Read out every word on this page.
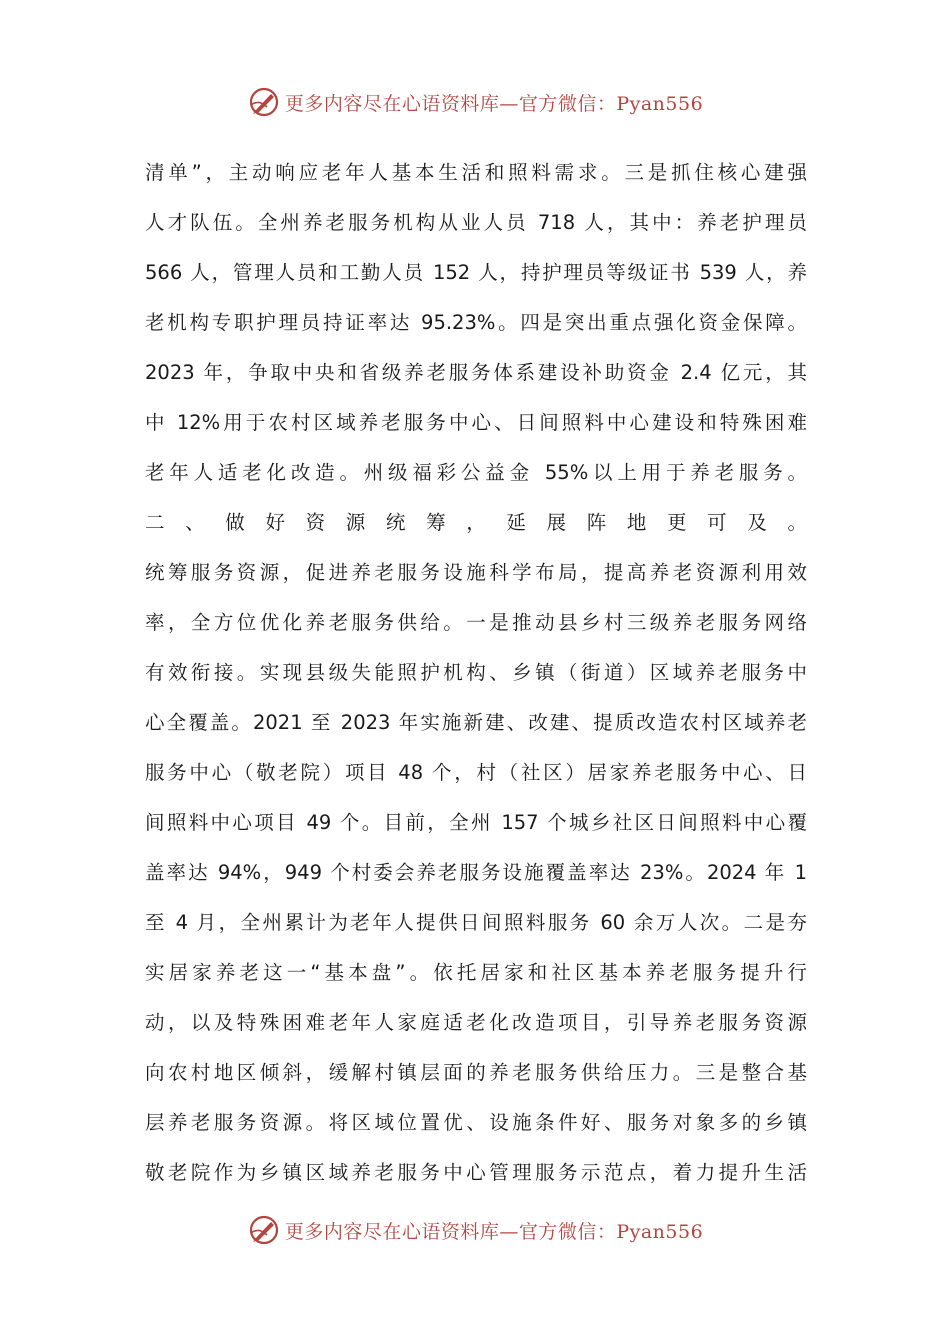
更多内容尽在心语资料库—官方微信：Pyan556
清单”，主动响应老年人基本生活和照料需求。三是抓住核心建强
人才队伍。全州养老服务机构从业人员 718 人，其中：养老护理员
566 人，管理人员和工勤人员 152 人，持护理员等级证书 539 人，养
老机构专职护理员持证率达 95.23%。四是突出重点强化资金保障。
2023 年，争取中央和省级养老服务体系建设补助资金 2.4 亿元，其
中 12%用于农村区域养老服务中心、日间照料中心建设和特殊困难
老年人适老化改造。州级福彩公益金 55%以上用于养老服务。
二、做好资源统筹，延展阵地更可及。
统筹服务资源，促进养老服务设施科学布局，提高养老资源利用效
率，全方位优化养老服务供给。一是推动县乡村三级养老服务网络
有效衔接。实现县级失能照护机构、乡镇（街道）区域养老服务中
心全覆盖。2021 至 2023 年实施新建、改建、提质改造农村区域养老
服务中心（敬老院）项目 48 个，村（社区）居家养老服务中心、日
间照料中心项目 49 个。目前，全州 157 个城乡社区日间照料中心覆
盖率达 94%，949 个村委会养老服务设施覆盖率达 23%。2024 年 1
至 4 月，全州累计为老年人提供日间照料服务 60 余万人次。二是夯
实居家养老这一“基本盘”。依托居家和社区基本养老服务提升行
动，以及特殊困难老年人家庭适老化改造项目，引导养老服务资源
向农村地区倾斜，缓解村镇层面的养老服务供给压力。三是整合基
层养老服务资源。将区域位置优、设施条件好、服务对象多的乡镇
敬老院作为乡镇区域养老服务中心管理服务示范点，着力提升生活
更多内容尽在心语资料库—官方微信：Pyan556
